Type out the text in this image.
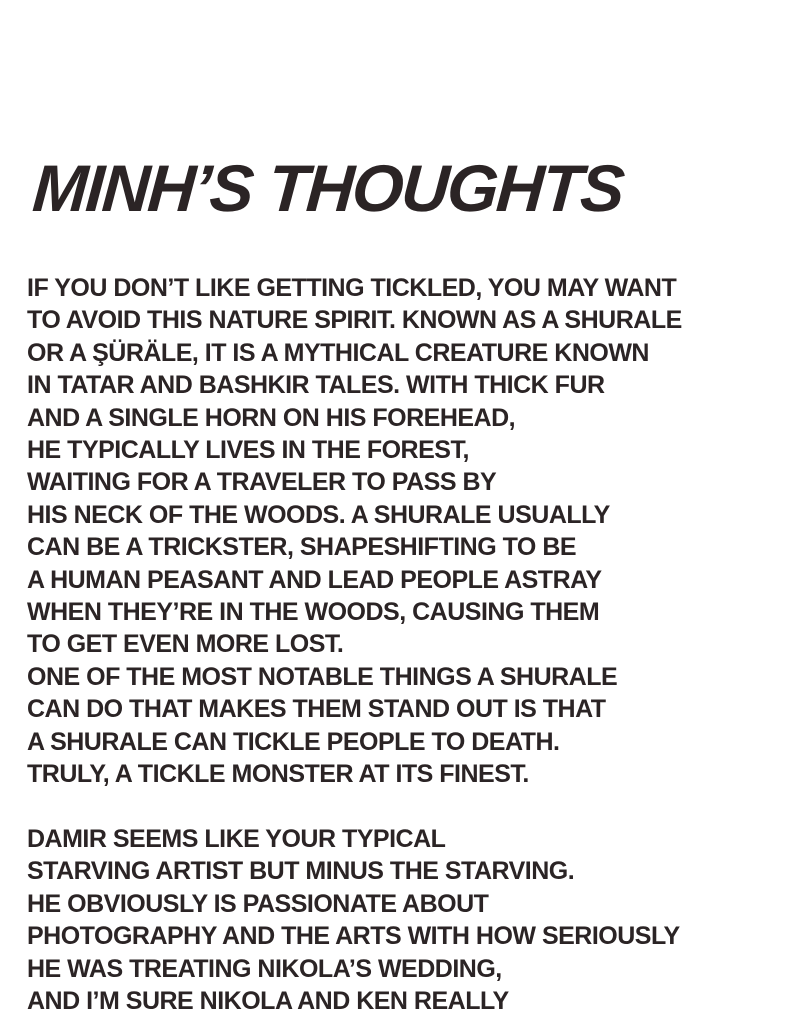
MINH’S THOUGHTS
IF YOU DON’T LIKE GETTING TICKLED, YOU MAY WANT
TO AVOID THIS NATURE SPIRIT. KNOWN AS A SHURALE
OR A ŞÜRÄLE, IT IS A MYTHICAL CREATURE KNOWN
IN TATAR AND BASHKIR TALES. WITH THICK FUR
AND A SINGLE HORN ON HIS FOREHEAD,
HE TYPICALLY LIVES IN THE FOREST,
WAITING FOR A TRAVELER TO PASS BY
HIS NECK OF THE WOODS. A SHURALE USUALLY
CAN BE A TRICKSTER, SHAPESHIFTING TO BE
A HUMAN PEASANT AND LEAD PEOPLE ASTRAY
WHEN THEY’RE IN THE WOODS, CAUSING THEM
TO GET EVEN MORE LOST.
ONE OF THE MOST NOTABLE THINGS A SHURALE
CAN DO THAT MAKES THEM STAND OUT IS THAT
A SHURALE CAN TICKLE PEOPLE TO DEATH.
TRULY, A TICKLE MONSTER AT ITS FINEST.
DAMIR SEEMS LIKE YOUR TYPICAL
STARVING ARTIST BUT MINUS THE STARVING.
HE OBVIOUSLY IS PASSIONATE ABOUT
PHOTOGRAPHY AND THE ARTS WITH HOW SERIOUSLY
HE WAS TREATING NIKOLA’S WEDDING,
AND I’M SURE NIKOLA AND KEN REALLY
